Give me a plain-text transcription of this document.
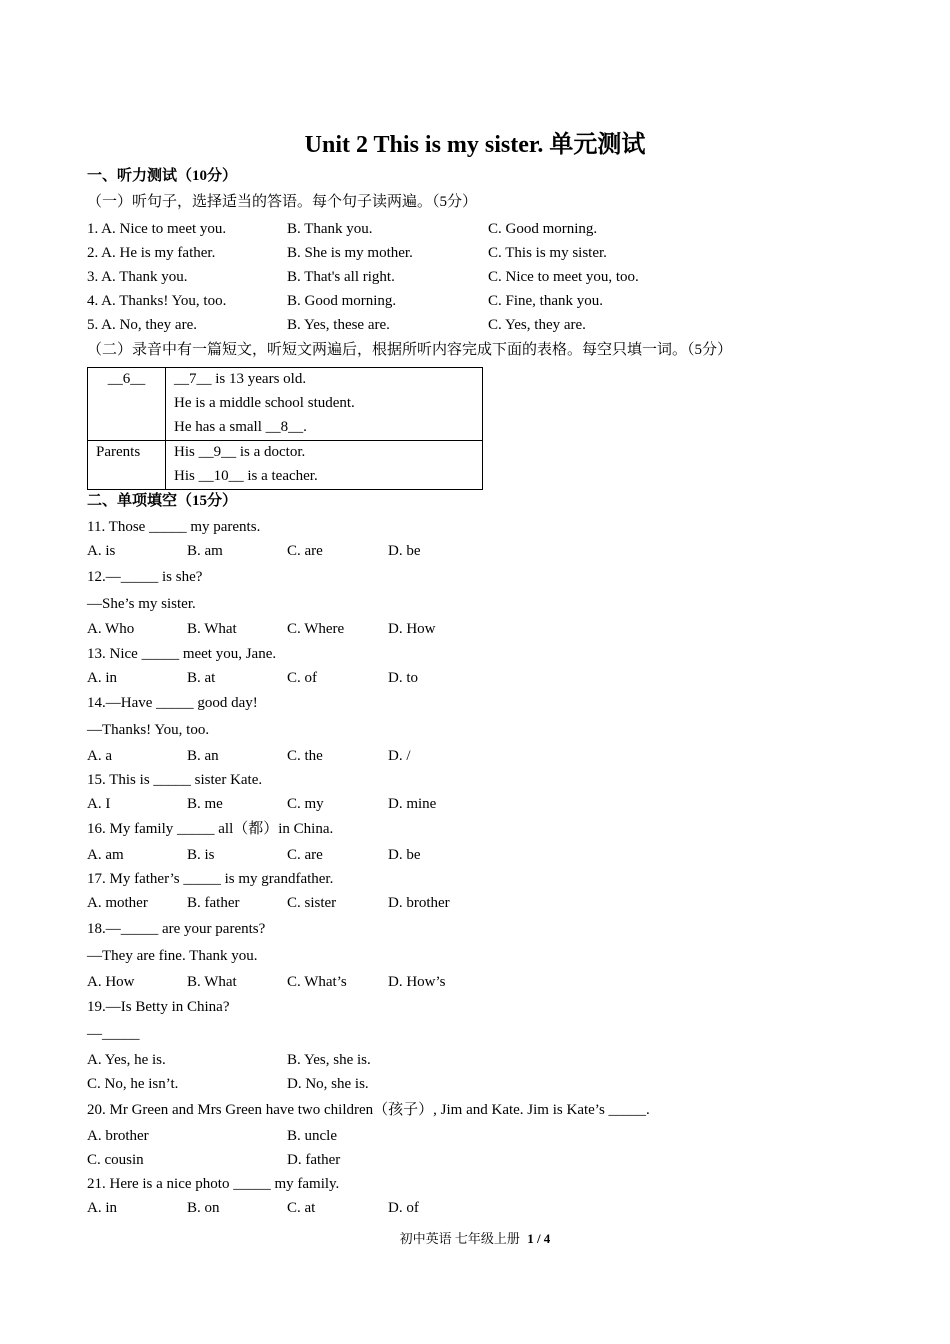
Unit 2 This is my sister. 单元测试
一、听力测试（10分）
（一）听句子，选择适当的答语。每个句子读两遍。（5分）
1. A. Nice to meet you.	B. Thank you.	C. Good morning.
2. A. He is my father.	B. She is my mother.	C. This is my sister.
3. A. Thank you.	B. That's all right.	C. Nice to meet you, too.
4. A. Thanks! You, too.	B. Good morning.	C. Fine, thank you.
5. A. No, they are.	B. Yes, these are.	C. Yes, they are.
（二）录音中有一篇短文，听短文两遍后，根据所听内容完成下面的表格。每空只填一词。（5分）
__6__	__7__ is 13 years old.
He is a middle school student.
He has a small __8__.

Parents	His __9__ is a doctor.
His __10__ is a teacher.
二、单项填空（15分）
11. Those _____ my parents.
A. is	B. am	C. are	D. be
12.—_____ is she?
—She’s my sister.
A. Who	B. What	C. Where	D. How
13. Nice _____ meet you, Jane.
A. in	B. at	C. of	D. to
14.—Have _____ good day!
—Thanks! You, too.
A. a	B. an	C. the	D. /
15. This is _____ sister Kate.
A. I	B. me	C. my	D. mine
16. My family _____ all（都）in China.
A. am	B. is	C. are	D. be
17. My father’s _____ is my grandfather.
A. mother	B. father	C. sister	D. brother
18.—_____ are your parents?
—They are fine. Thank you.
A. How	B. What	C. What’s	D. How’s
19.—Is Betty in China?
—_____
A. Yes, he is.	B. Yes, she is.
C. No, he isn’t.	D. No, she is.
20. Mr Green and Mrs Green have two children（孩子）, Jim and Kate. Jim is Kate’s _____.
A. brother	B. uncle
C. cousin	D. father
21. Here is a nice photo _____ my family.
A. in	B. on	C. at	D. of
初中英语 七年级上册 1 / 4
